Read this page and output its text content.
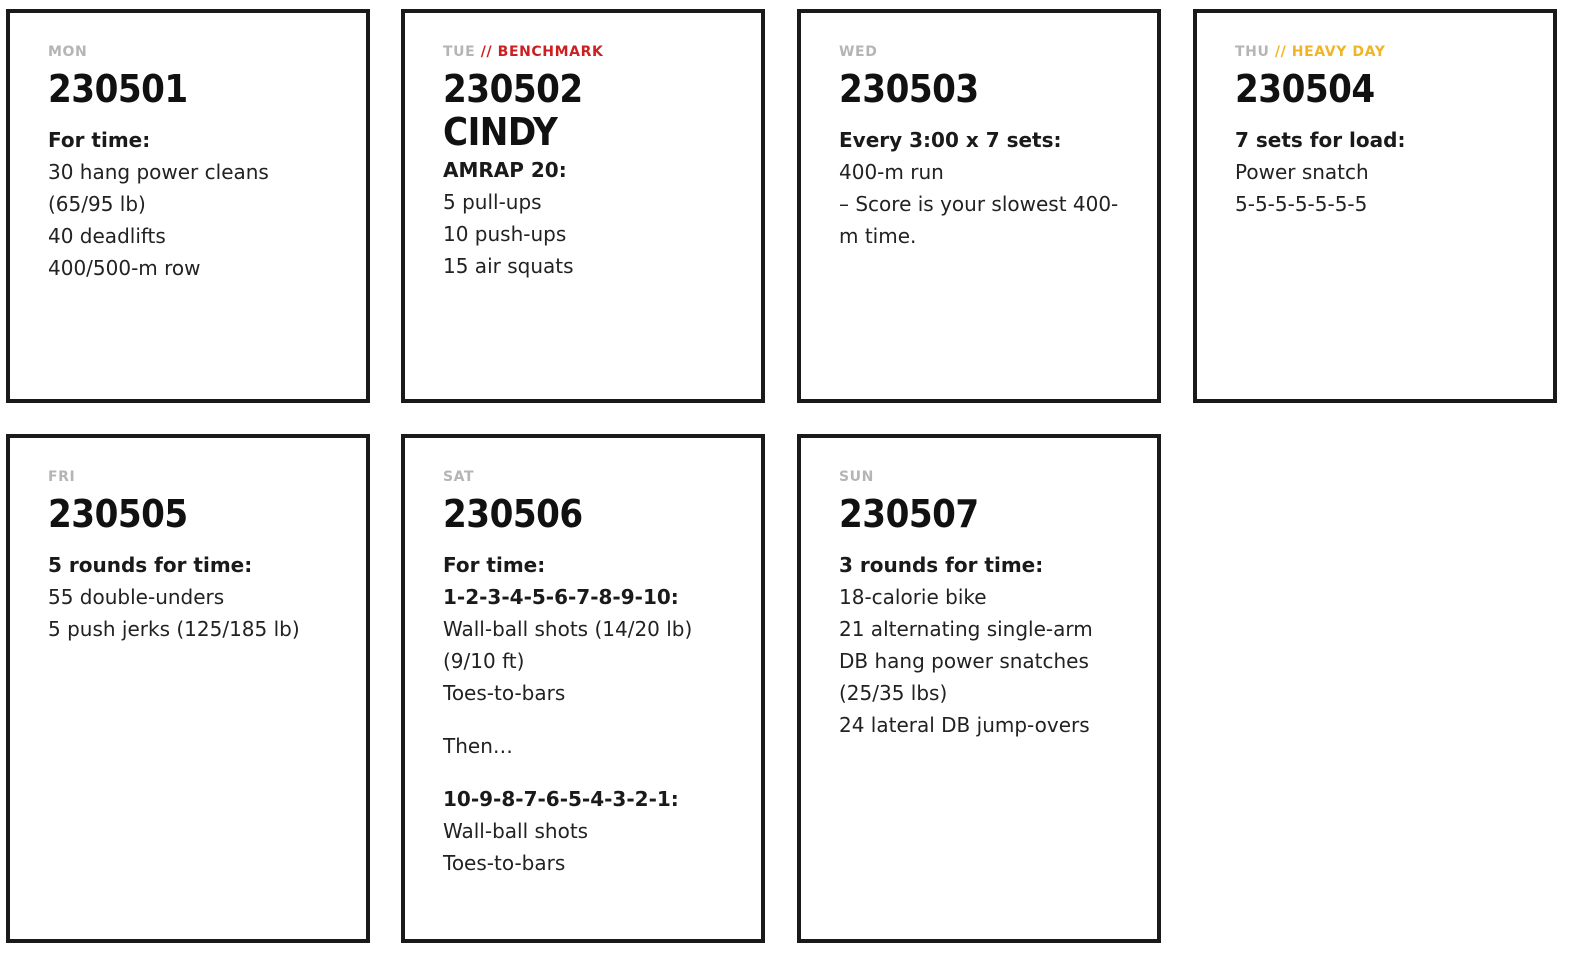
MON
230501
For time:
30 hang power cleans
(65/95 lb)
40 deadlifts
400/500-m row
TUE // BENCHMARK
230502
CINDY
AMRAP 20:
5 pull-ups
10 push-ups
15 air squats
WED
230503
Every 3:00 x 7 sets:
400-m run
– Score is your slowest 400-m time.
THU // HEAVY DAY
230504
7 sets for load:
Power snatch
5-5-5-5-5-5-5
FRI
230505
5 rounds for time:
55 double-unders
5 push jerks (125/185 lb)
SAT
230506
For time:
1-2-3-4-5-6-7-8-9-10:
Wall-ball shots (14/20 lb)
(9/10 ft)
Toes-to-bars
Then…
10-9-8-7-6-5-4-3-2-1:
Wall-ball shots
Toes-to-bars
SUN
230507
3 rounds for time:
18-calorie bike
21 alternating single-arm
DB hang power snatches
(25/35 lbs)
24 lateral DB jump-overs
